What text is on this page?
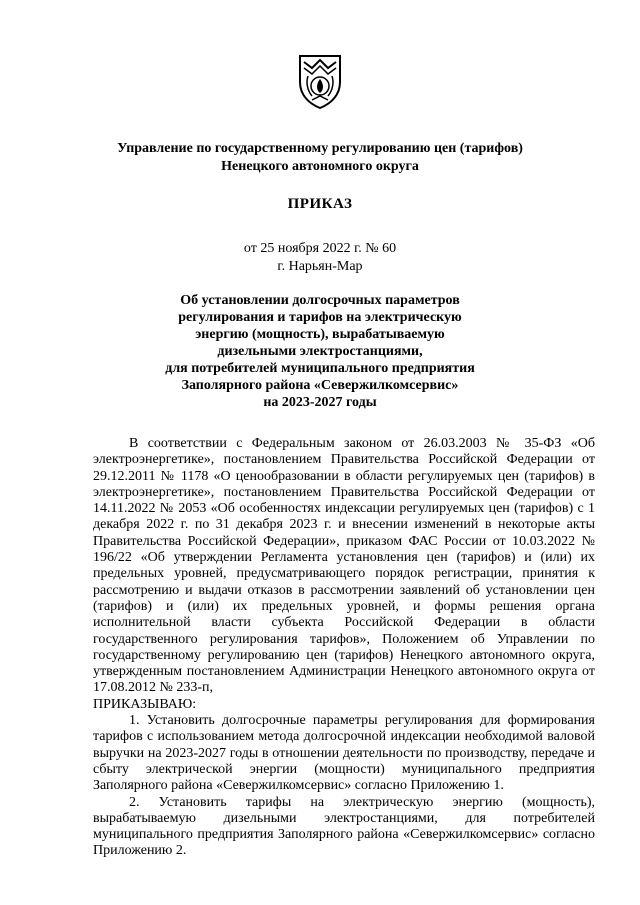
Управление по государственному регулированию цен (тарифов)
Ненецкого автономного округа
ПРИКАЗ
от 25 ноября 2022 г. № 60
г. Нарьян-Мар
Об установлении долгосрочных параметров
регулирования и тарифов на электрическую
энергию (мощность), вырабатываемую
дизельными электростанциями,
для потребителей муниципального предприятия
Заполярного района «Севержилкомсервис»
на 2023-2027 годы

В соответствии с Федеральным законом от 26.03.2003 № 35-ФЗ «Об электроэнергетике», постановлением Правительства Российской Федерации от 29.12.2011 № 1178 «О ценообразовании в области регулируемых цен (тарифов) в электроэнергетике», постановлением Правительства Российской Федерации от 14.11.2022 № 2053 «Об особенностях индексации регулируемых цен (тарифов) с 1 декабря 2022 г. по 31 декабря 2023 г. и внесении изменений в некоторые акты Правительства Российской Федерации», приказом ФАС России от 10.03.2022 № 196/22 «Об утверждении Регламента установления цен (тарифов) и (или) их предельных уровней, предусматривающего порядок регистрации, принятия к рассмотрению и выдачи отказов в рассмотрении заявлений об установлении цен (тарифов) и (или) их предельных уровней, и формы решения органа исполнительной власти субъекта Российской Федерации в области государственного регулирования тарифов», Положением об Управлении по государственному регулированию цен (тарифов) Ненецкого автономного округа, утвержденным постановлением Администрации Ненецкого автономного округа от 17.08.2012 № 233-п,

ПРИКАЗЫВАЮ:

1. Установить долгосрочные параметры регулирования для формирования тарифов с использованием метода долгосрочной индексации необходимой валовой выручки на 2023-2027 годы в отношении деятельности по производству, передаче и сбыту электрической энергии (мощности) муниципального предприятия Заполярного района «Севержилкомсервис» согласно Приложению 1.

2. Установить тарифы на электрическую энергию (мощность), вырабатываемую дизельными электростанциями, для потребителей муниципального предприятия Заполярного района «Севержилкомсервис» согласно Приложению 2.
